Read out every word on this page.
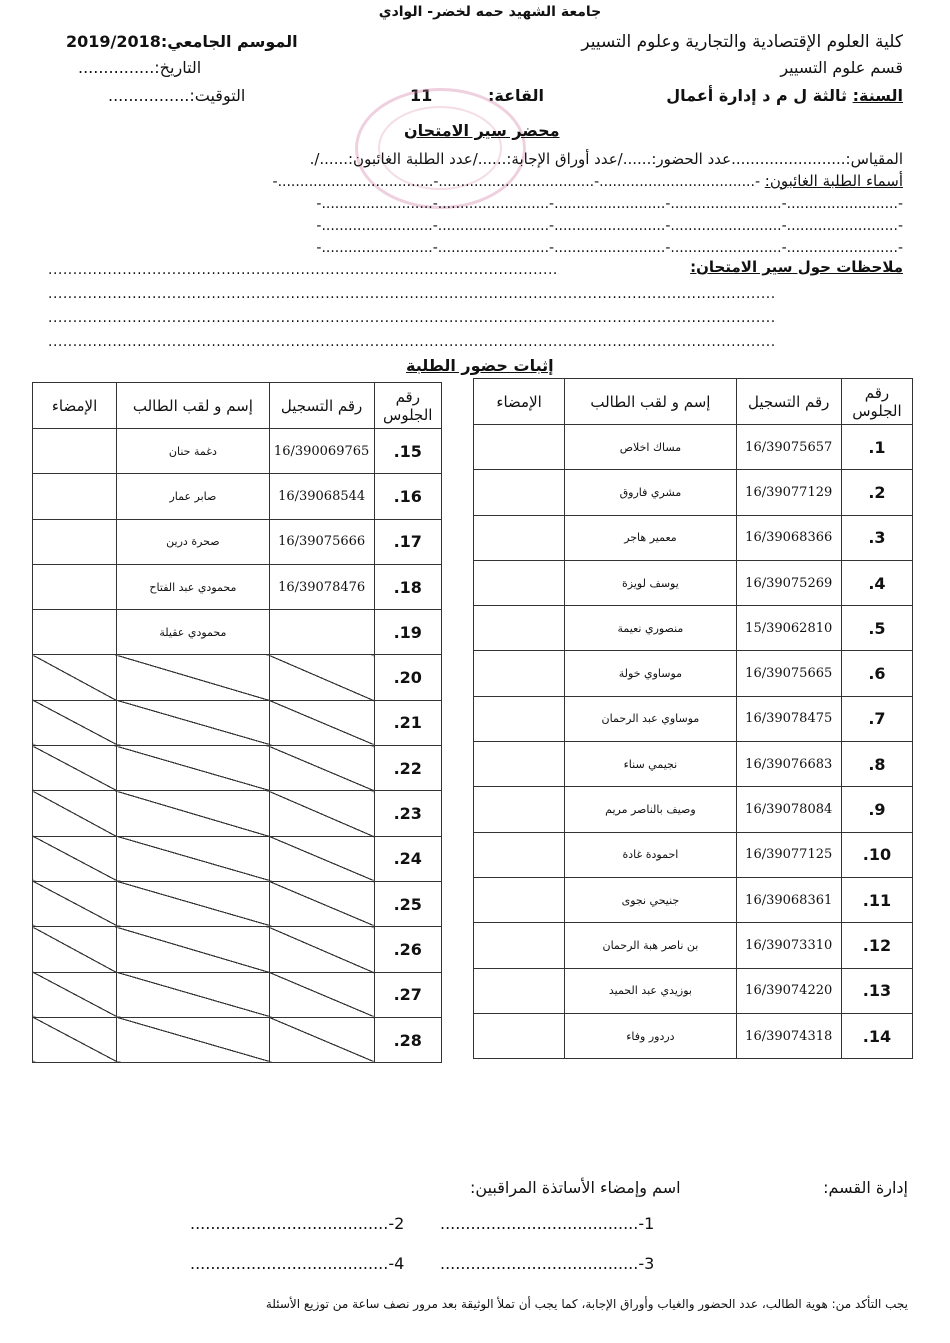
جامعة الشهيد حمه لخضر- الوادي
كلية العلوم الإقتصادية والتجارية وعلوم التسيير
قسم علوم التسيير
السنة: ثالثة ل م د إدارة أعمال
القاعة:          11
الموسم الجامعي:2019/2018
التاريخ:...............
التوقيت:................
محضر سير الامتحان
المقياس:........................عدد الحضور:....../عدد أوراق الإجابة:....../عدد الطلبة الغائبون:....../.
أسماء الطلبة الغائبون: -...................................-...................................-...................................-
-.........................-.........................-.........................-.........................-.........................-
-.........................-.........................-.........................-.........................-.........................-
-.........................-.........................-.........................-.........................-.........................-
ملاحظات حول سير الامتحان:
.......................................................................................................
...................................................................................................................................................
...................................................................................................................................................
...................................................................................................................................................
إثبات حضور الطلبة
رقم الجلوس	رقم التسجيل	إسم و لقب الطالب	الإمضاء
1.	16/39075657	مساك اخلاص	
2.	16/39077129	مشري فاروق	
3.	16/39068366	معمير هاجر	
4.	16/39075269	يوسف لويزة	
5.	15/39062810	منصوري نعيمة	
6.	16/39075665	موساوي خولة	
7.	16/39078475	موساوي عبد الرحمان	
8.	16/39076683	نجيمي سناء	
9.	16/39078084	وصيف بالناصر مريم	
10.	16/39077125	احمودة غادة	
11.	16/39068361	جنيحي نجوى	
12.	16/39073310	بن ناصر هبة الرحمان	
13.	16/39074220	بوزيدي عبد الحميد	
14.	16/39074318	دردور وفاء	
رقم الجلوس	رقم التسجيل	إسم و لقب الطالب	الإمضاء
15.	16/390069765	دغمة حنان	
16.	16/39068544	صابر عمار	
17.	16/39075666	صحرة درين	
18.	16/39078476	محمودي عبد الفتاح	
19.		محمودي عقيلة	
20.			
21.			
22.			
23.			
24.			
25.			
26.			
27.			
28.			
إدارة القسم:
اسم وإمضاء الأساتذة المراقبين:
1-.......................................
2-.......................................
3-.......................................
4-.......................................
يجب التأكد من: هوية الطالب، عدد الحضور والغياب وأوراق الإجابة، كما يجب أن تملأ الوثيقة بعد مرور نصف ساعة من توزيع الأسئلة
